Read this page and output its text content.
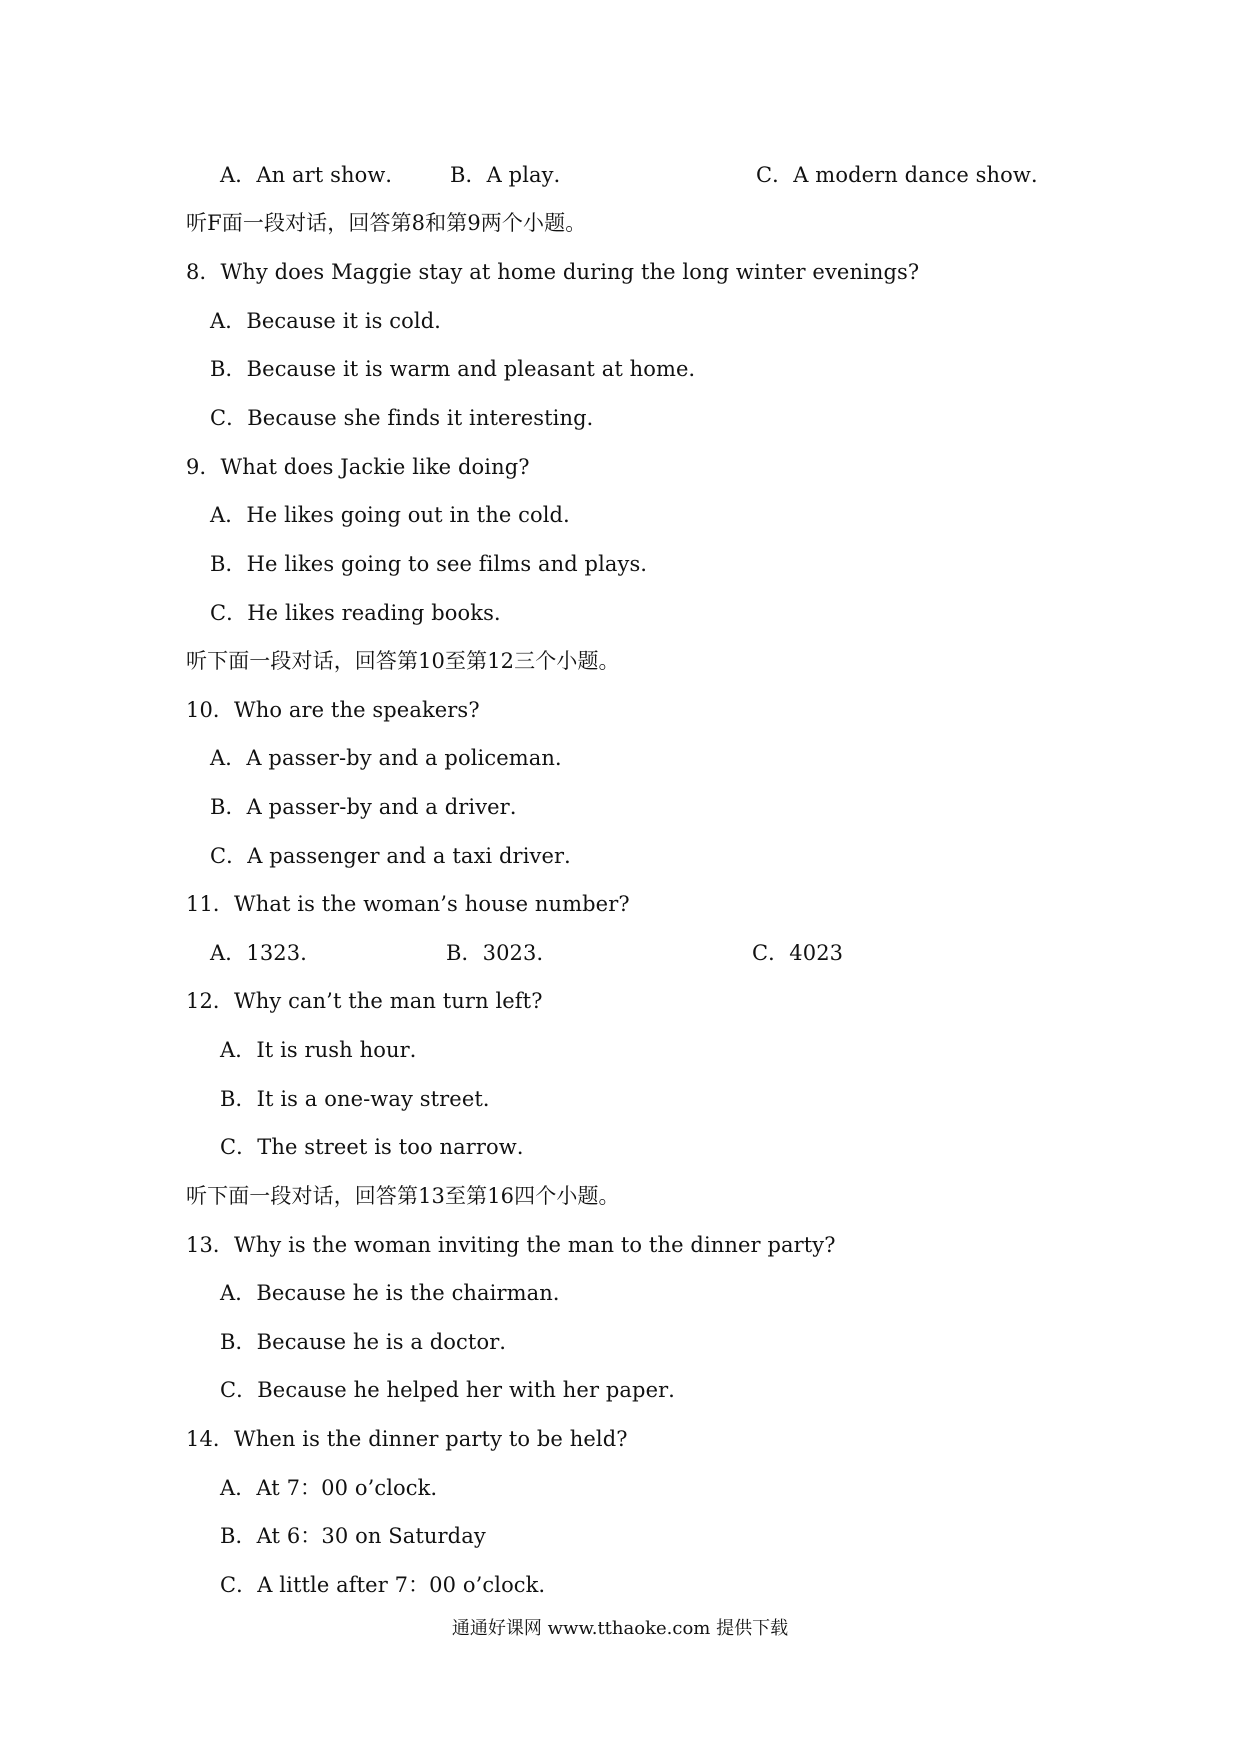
A．An art show． B．A play．	C．A modern dance show．
听F面一段对话，回答第8和第9两个小题。
8．Why does Maggie stay at home during the long winter evenings?
A．Because it is cold．
B．Because it is warm and pleasant at home．
C．Because she finds it interesting．
9．What does Jackie like doing?
A．He likes going out in the cold．
B．He likes going to see films and plays．
C．He likes reading books．
听下面一段对话，回答第10至第12三个小题。
10．Who are the speakers?
A．A passer-by and a policeman．
B．A passer-by and a driver．
C．A passenger and a taxi driver．
11．What is the woman’s house number?
A．1323．	B．3023．	C．4023
12．Why can’t the man turn left?
A．It is rush hour．
B．It is a one-way street．
C．The street is too narrow．
听下面一段对话，回答第13至第16四个小题。
13．Why is the woman inviting the man to the dinner party?
A．Because he is the chairman．
B．Because he is a doctor．
C．Because he helped her with her paper．
14．When is the dinner party to be held?
A．At 7：00 o’clock．
B．At 6：30 on Saturday
C．A little after 7：00 o’clock．
通通好课网 www.tthaoke.com 提供下载
